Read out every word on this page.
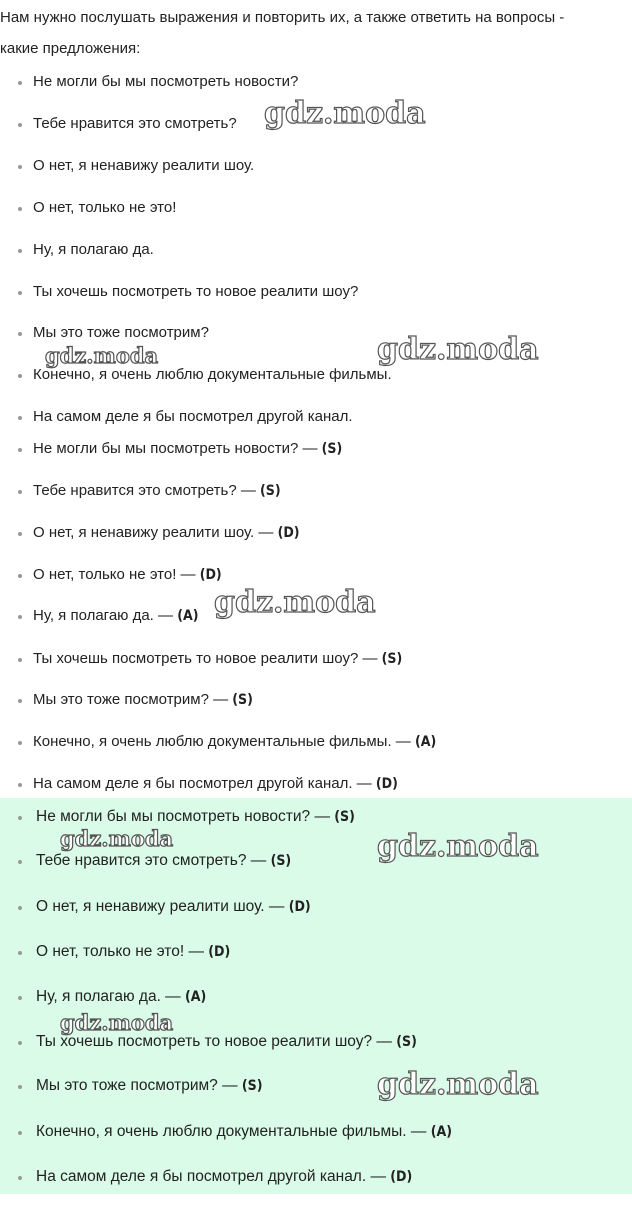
Нам нужно послушать выражения и повторить их, а также ответить на вопросы - какие предложения:

Не могли бы мы посмотреть новости?
Тебе нравится это смотреть?
О нет, я ненавижу реалити шоу.
О нет, только не это!
Ну, я полагаю да.
Ты хочешь посмотреть то новое реалити шоу?
Мы это тоже посмотрим?
Конечно, я очень люблю документальные фильмы.
На самом деле я бы посмотрел другой канал.
Не могли бы мы посмотреть новости? — (S)
Тебе нравится это смотреть? — (S)
О нет, я ненавижу реалити шоу. — (D)
О нет, только не это! — (D)
Ну, я полагаю да. — (A)
Ты хочешь посмотреть то новое реалити шоу? — (S)
Мы это тоже посмотрим? — (S)
Конечно, я очень люблю документальные фильмы. — (A)
На самом деле я бы посмотрел другой канал. — (D)
Не могли бы мы посмотреть новости? — (S)
Тебе нравится это смотреть? — (S)
О нет, я ненавижу реалити шоу. — (D)
О нет, только не это! — (D)
Ну, я полагаю да. — (A)
Ты хочешь посмотреть то новое реалити шоу? — (S)
Мы это тоже посмотрим? — (S)
Конечно, я очень люблю документальные фильмы. — (A)
На самом деле я бы посмотрел другой канал. — (D)
gdz.moda
gdz.moda	gdz.moda
gdz.moda
gdz.moda	gdz.moda
gdz.moda
gdz.moda
